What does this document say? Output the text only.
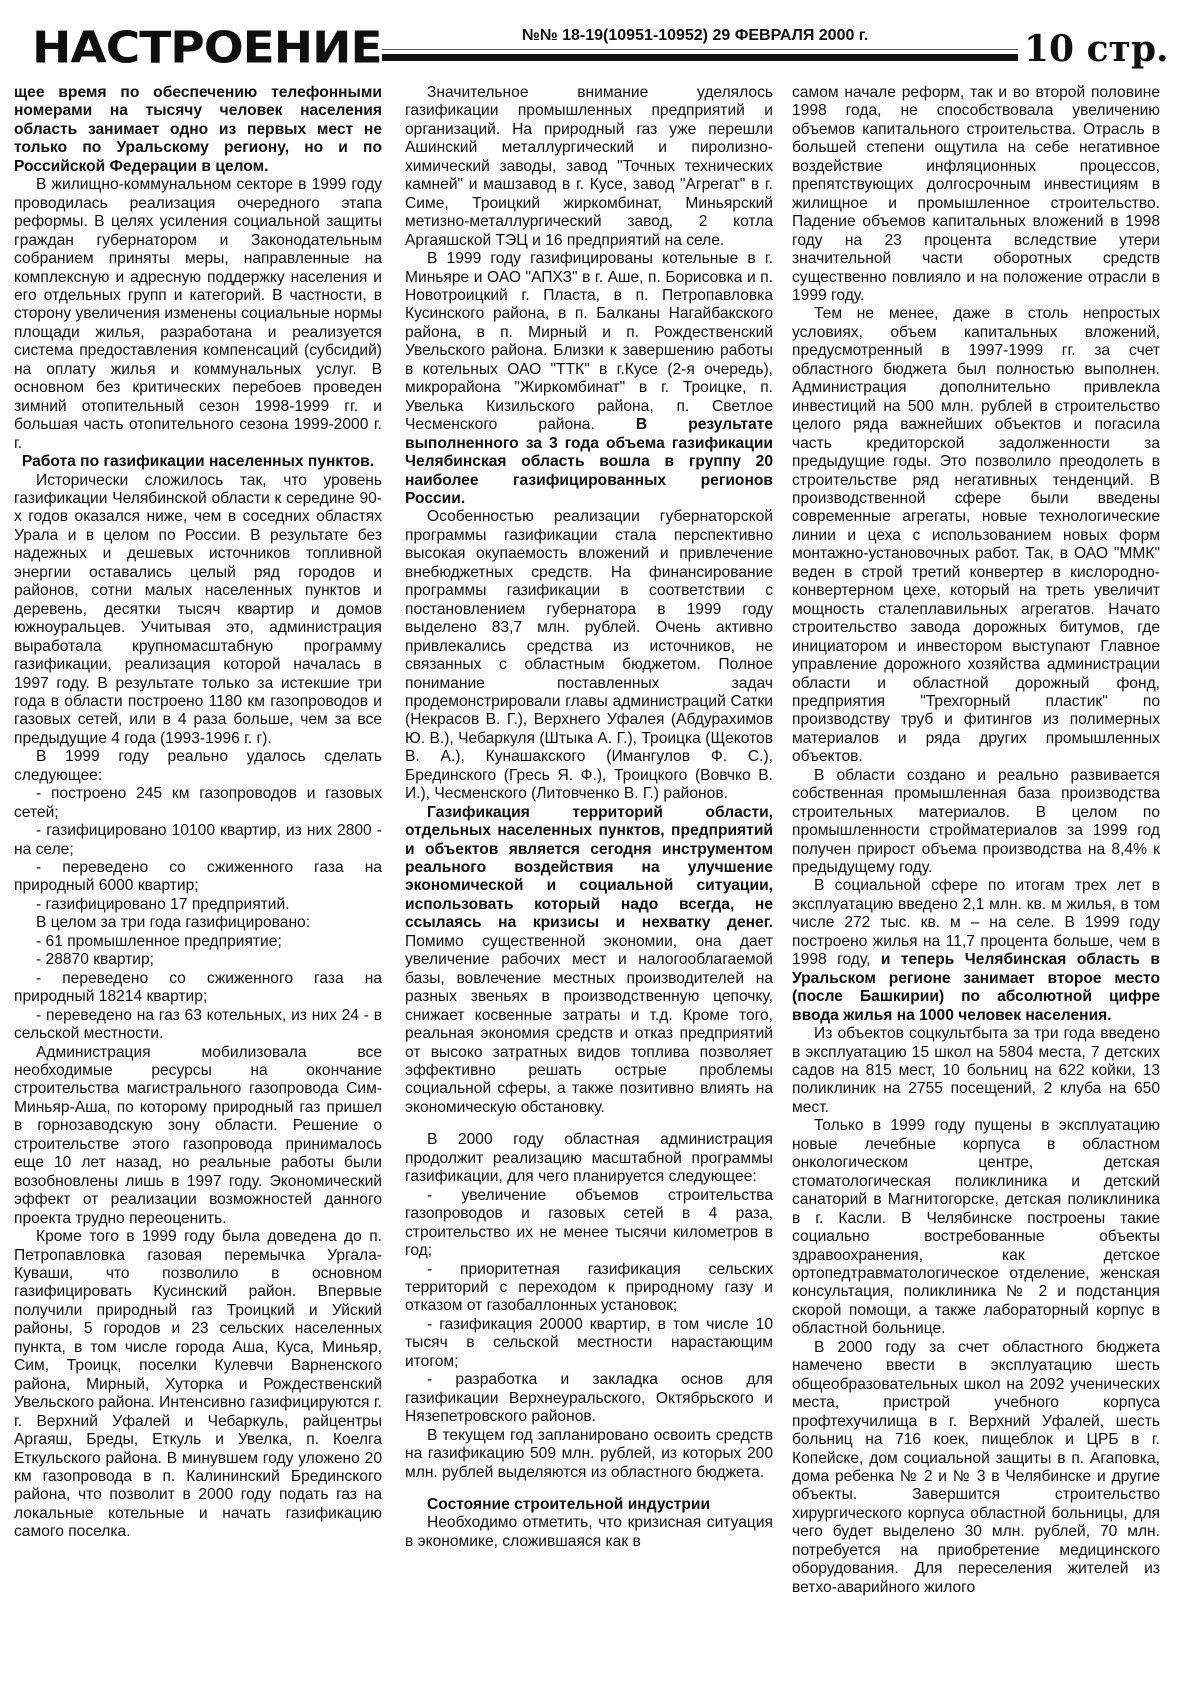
НАСТРОЕНИЕ	№№ 18-19(10951-10952) 29 ФЕВРАЛЯ 2000 г.	10 стр.

щее время по обеспечению телефонными номерами на тысячу человек населения область занимает одно из первых мест не только по Уральскому региону, но и по Российской Федерации в целом.

В жилищно-коммунальном секторе в 1999 году проводилась реализация очередного этапа реформы. В целях усиления социальной защиты граждан губернатором и Законодательным собранием приняты меры, направленные на комплексную и адресную поддержку населения и его отдельных групп и категорий. В частности, в сторону увеличения изменены социальные нормы площади жилья, разработана и реализуется система предоставления компенсаций (субсидий) на оплату жилья и коммунальных услуг. В основном без критических перебоев проведен зимний отопительный сезон 1998-1999 гг. и большая часть отопительного сезона 1999-2000 г. г.

Работа по газификации населенных пунктов.

Исторически сложилось так, что уровень газификации Челябинской области к середине 90-х годов оказался ниже, чем в соседних областях Урала и в целом по России. В результате без надежных и дешевых источников топливной энергии оставались целый ряд городов и районов, сотни малых населенных пунктов и деревень, десятки тысяч квартир и домов южноуральцев. Учитывая это, администрация выработала крупномасштабную программу газификации, реализация которой началась в 1997 году. В результате только за истекшие три года в области построено 1180 км газопроводов и газовых сетей, или в 4 раза больше, чем за все предыдущие 4 года (1993-1996 г. г).

В 1999 году реально удалось сделать следующее:

- построено 245 км газопроводов и газовых сетей;

- газифицировано 10100 квартир, из них 2800 - на селе;

- переведено со сжиженного газа на природный 6000 квартир;

- газифицировано 17 предприятий.

В целом за три года газифицировано:

- 61 промышленное предприятие;

- 28870 квартир;

- переведено со сжиженного газа на природный 18214 квартир;

- переведено на газ 63 котельных, из них 24 - в сельской местности.

Администрация мобилизовала все необходимые ресурсы на окончание строительства магистрального газопровода Сим-Миньяр-Аша, по которому природный газ пришел в горнозаводскую зону области. Решение о строительстве этого газопровода принималось еще 10 лет назад, но реальные работы были возобновлены лишь в 1997 году. Экономический эффект от реализации возможностей данного проекта трудно переоценить.

Кроме того в 1999 году была доведена до п. Петропавловка газовая перемычка Ургала-Куваши, что позволило в основном газифицировать Кусинский район. Впервые получили природный газ Троицкий и Уйский районы, 5 городов и 23 сельских населенных пункта, в том числе города Аша, Куса, Миньяр, Сим, Троицк, поселки Кулевчи Варненского района, Мирный, Хуторка и Рождественский Увельского района. Интенсивно газифицируются г. г. Верхний Уфалей и Чебаркуль, райцентры Аргаяш, Бреды, Еткуль и Увелка, п. Коелга Еткульского района. В минувшем году уложено 20 км газопровода в п. Калининский Брединского района, что позволит в 2000 году подать газ на локальные котельные и начать газификацию самого поселка.

Значительное внимание уделялось газификации промышленных предприятий и организаций. На природный газ уже перешли Ашинский металлургический и пиролизно-химический заводы, завод "Точных технических камней" и машзавод в г. Кусе, завод "Агрегат" в г. Симе, Троицкий жиркомбинат, Миньярский метизно-металлургический завод, 2 котла Аргаяшской ТЭЦ и 16 предприятий на селе.

В 1999 году газифицированы котельные в г. Миньяре и ОАО "АПХЗ" в г. Аше, п. Борисовка и п. Новотроицкий г. Пласта, в п. Петропавловка Кусинского района, в п. Балканы Нагайбакского района, в п. Мирный и п. Рождественский Увельского района. Близки к завершению работы в котельных ОАО "ТТК" в г.Кусе (2-я очередь), микрорайона "Жиркомбинат" в г. Троицке, п. Увелька Кизильского района, п. Светлое Чесменского района. В результате выполненного за 3 года объема газификации Челябинская область вошла в группу 20 наиболее газифицированных регионов России.

Особенностью реализации губернаторской программы газификации стала перспективно высокая окупаемость вложений и привлечение внебюджетных средств. На финансирование программы газификации в соответствии с постановлением губернатора в 1999 году выделено 83,7 млн. рублей. Очень активно привлекались средства из источников, не связанных с областным бюджетом. Полное понимание поставленных задач продемонстрировали главы администраций Сатки (Некрасов В. Г.), Верхнего Уфалея (Абдурахимов Ю. В.), Чебаркуля (Штыка А. Г.), Троицка (Щекотов В. А.), Кунашакского (Имангулов Ф. С.), Брединского (Гресь Я. Ф.), Троицкого (Вовчко В. И.), Чесменского (Литовченко В. Г.) районов.

Газификация территорий области, отдельных населенных пунктов, предприятий и объектов является сегодня инструментом реального воздействия на улучшение экономической и социальной ситуации, использовать который надо всегда, не ссылаясь на кризисы и нехватку денег. Помимо существенной экономии, она дает увеличение рабочих мест и налогооблагаемой базы, вовлечение местных производителей на разных звеньях в производственную цепочку, снижает косвенные затраты и т.д. Кроме того, реальная экономия средств и отказ предприятий от высоко затратных видов топлива позволяет эффективно решать острые проблемы социальной сферы, а также позитивно влиять на экономическую обстановку.

В 2000 году областная администрация продолжит реализацию масштабной программы газификации, для чего планируется следующее:

- увеличение объемов строительства газопроводов и газовых сетей в 4 раза, строительство их не менее тысячи километров в год;

- приоритетная газификация сельских территорий с переходом к природному газу и отказом от газобаллонных установок;

- газификация 20000 квартир, в том числе 10 тысяч в сельской местности нарастающим итогом;

- разработка и закладка основ для газификации Верхнеуральского, Октябрьского и Нязепетровского районов.

В текущем год запланировано освоить средств на газификацию 509 млн. рублей, из которых 200 млн. рублей выделяются из областного бюджета.

Состояние строительной индустрии

Необходимо отметить, что кризисная ситуация в экономике, сложившаяся как в

самом начале реформ, так и во второй половине 1998 года, не способствовала увеличению объемов капитального строительства. Отрасль в большей степени ощутила на себе негативное воздействие инфляционных процессов, препятствующих долгосрочным инвестициям в жилищное и промышленное строительство. Падение объемов капитальных вложений в 1998 году на 23 процента вследствие утери значительной части оборотных средств существенно повлияло и на положение отрасли в 1999 году.

Тем не менее, даже в столь непростых условиях, объем капитальных вложений, предусмотренный в 1997-1999 гг. за счет областного бюджета был полностью выполнен. Администрация дополнительно привлекла инвестиций на 500 млн. рублей в строительство целого ряда важнейших объектов и погасила часть кредиторской задолженности за предыдущие годы. Это позволило преодолеть в строительстве ряд негативных тенденций. В производственной сфере были введены современные агрегаты, новые технологические линии и цеха с использованием новых форм монтажно-установочных работ. Так, в ОАО "ММК" веден в строй третий конвертер в кислородно-конвертерном цехе, который на треть увеличит мощность сталеплавильных агрегатов. Начато строительство завода дорожных битумов, где инициатором и инвестором выступают Главное управление дорожного хозяйства администрации области и областной дорожный фонд, предприятия "Трехгорный пластик" по производству труб и фитингов из полимерных материалов и ряда других промышленных объектов.

В области создано и реально развивается собственная промышленная база производства строительных материалов. В целом по промышленности стройматериалов за 1999 год получен прирост объема производства на 8,4% к предыдущему году.

В социальной сфере по итогам трех лет в эксплуатацию введено 2,1 млн. кв. м жилья, в том числе 272 тыс. кв. м – на селе. В 1999 году построено жилья на 11,7 процента больше, чем в 1998 году, и теперь Челябинская область в Уральском регионе занимает второе место (после Башкирии) по абсолютной цифре ввода жилья на 1000 человек населения.

Из объектов соцкультбыта за три года введено в эксплуатацию 15 школ на 5804 места, 7 детских садов на 815 мест, 10 больниц на 622 койки, 13 поликлиник на 2755 посещений, 2 клуба на 650 мест.

Только в 1999 году пущены в эксплуатацию новые лечебные корпуса в областном онкологическом центре, детская стоматологическая поликлиника и детский санаторий в Магнитогорске, детская поликлиника в г. Касли. В Челябинске построены такие социально востребованные объекты здравоохранения, как детское ортопедтравматологическое отделение, женская консультация, поликлиника № 2 и подстанция скорой помощи, а также лабораторный корпус в областной больнице.

В 2000 году за счет областного бюджета намечено ввести в эксплуатацию шесть общеобразовательных школ на 2092 ученических места, пристрой учебного корпуса профтехучилища в г. Верхний Уфалей, шесть больниц на 716 коек, пищеблок и ЦРБ в г. Копейске, дом социальной защиты в п. Агаповка, дома ребенка № 2 и № 3 в Челябинске и другие объекты. Завершится строительство хирургического корпуса областной больницы, для чего будет выделено 30 млн. рублей, 70 млн. потребуется на приобретение медицинского оборудования. Для переселения жителей из ветхо-аварийного жилого
